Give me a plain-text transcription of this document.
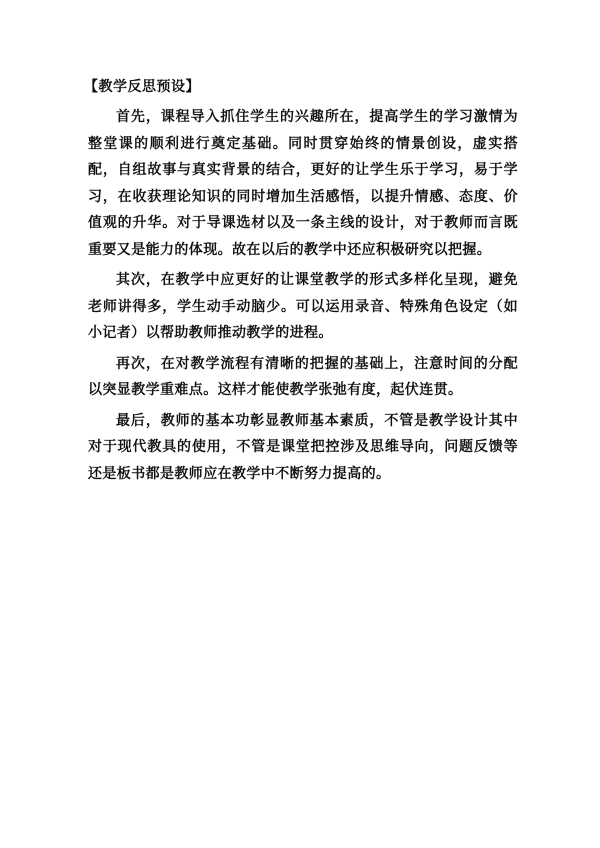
【教学反思预设】

首先，课程导入抓住学生的兴趣所在，提高学生的学习激情为整堂课的顺利进行奠定基础。同时贯穿始终的情景创设，虚实搭配，自组故事与真实背景的结合，更好的让学生乐于学习，易于学习，在收获理论知识的同时增加生活感悟，以提升情感、态度、价值观的升华。对于导课选材以及一条主线的设计，对于教师而言既重要又是能力的体现。故在以后的教学中还应积极研究以把握。

其次，在教学中应更好的让课堂教学的形式多样化呈现，避免老师讲得多，学生动手动脑少。可以运用录音、特殊角色设定（如小记者）以帮助教师推动教学的进程。

再次，在对教学流程有清晰的把握的基础上，注意时间的分配以突显教学重难点。这样才能使教学张弛有度，起伏连贯。

最后，教师的基本功彰显教师基本素质，不管是教学设计其中对于现代教具的使用，不管是课堂把控涉及思维导向，问题反馈等还是板书都是教师应在教学中不断努力提高的。
